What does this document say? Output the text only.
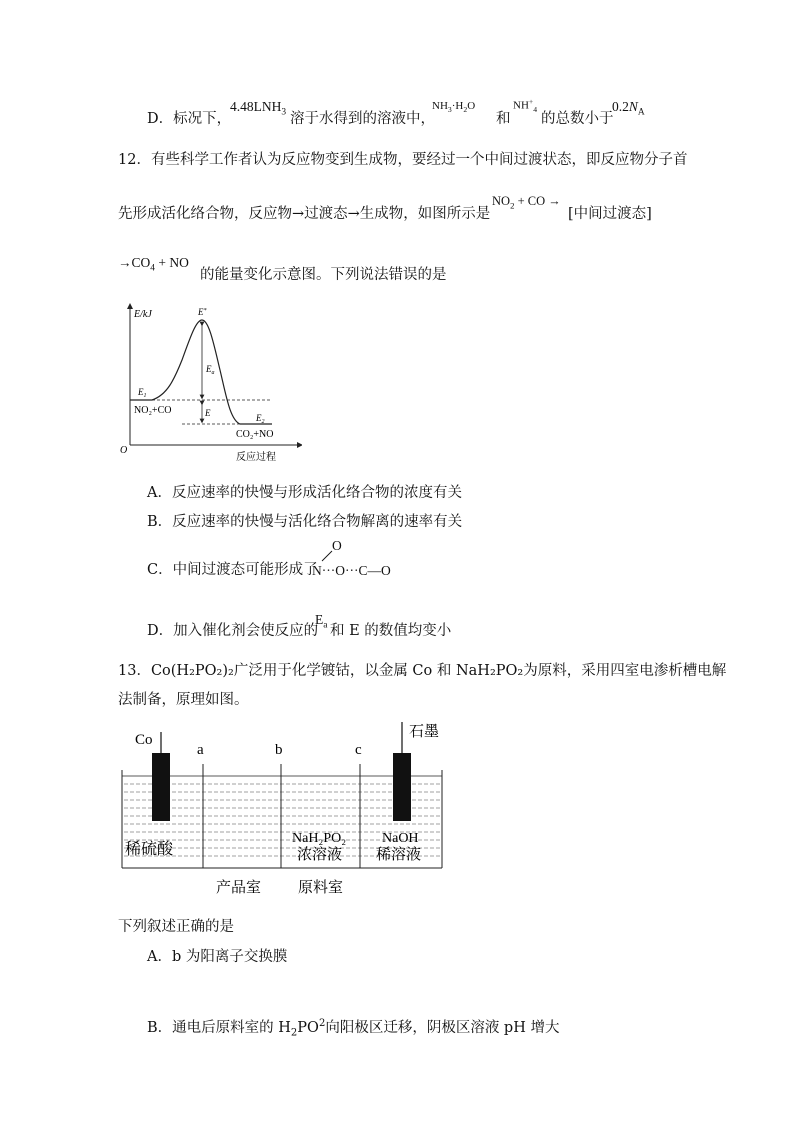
D．标况下，
$4.48LNH_3$ 溶于水得到的溶液中，
$NH_3\cdot H_2O$
和
$NH^+_4$
的总数小于
$0.2N_A$
12．有些科学工作者认为反应物变到生成物，要经过一个中间过渡状态，即反应物分子首
先形成活化络合物，反应物→过渡态→生成物，如图所示是
$NO_2$ + CO →
[中间过渡态]
$\to CO_4$ + NO
的能量变化示意图。下列说法错误的是
E/kJ
O
反应过程
E*
$E_a$
$E_1$
E	$E_2$
NO₂+CO
CO₂+NO
A．反应速率的快慢与形成活化络合物的浓度有关
B．反应速率的快慢与活化络合物解离的速率有关
C．中间过渡态可能形成了
O
N···O···C—O
D．加入催化剂会使反应的
$E_a$ 和 E 的数值均变小
13．Co(H₂PO₂)₂广泛用于化学镀钴，以金属 Co 和 NaH₂PO₂为原料，采用四室电渗析槽电解
法制备，原理如图。
Co
a	b	c
石墨
稀硫酸
NaH₂PO₂
浓溶液
NaOH
稀溶液
产品室 原料室
下列叙述正确的是
A．b 为阳离子交换膜
B．通电后原料室的 $H_2PO^2$向阳极区迁移，阴极区溶液 pH 增大
